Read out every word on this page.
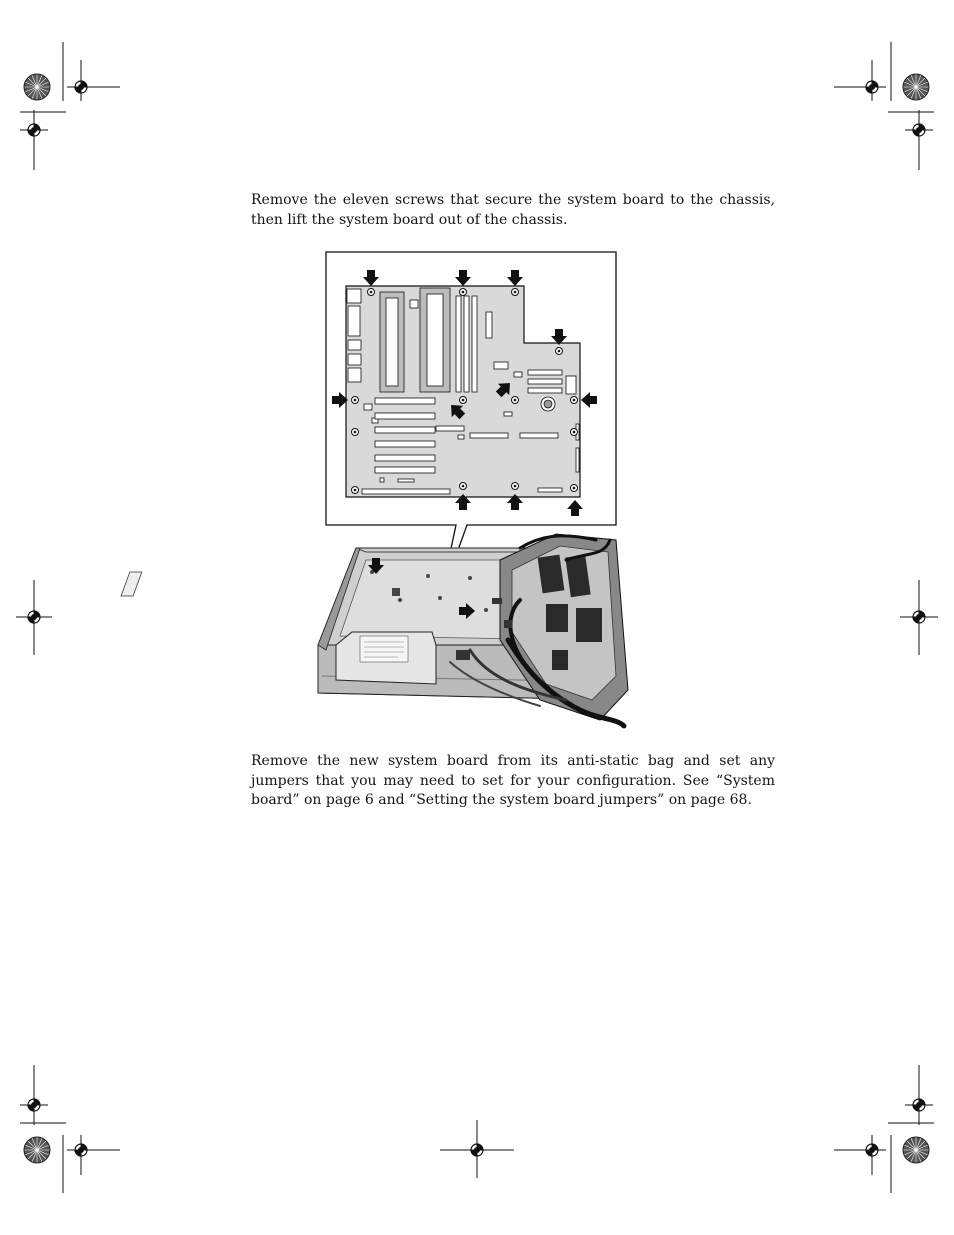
Remove the eleven screws that secure the system board to the chassis, then lift the system board out of the chassis.

Remove the new system board from its anti-static bag and set any jumpers that you may need to set for your configuration. See “System board” on page 6 and “Setting the system board jumpers” on page 68.
